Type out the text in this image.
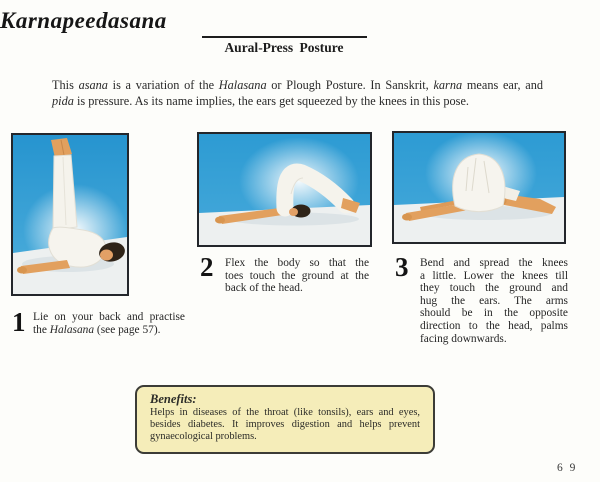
Karnapeedasana
Aural-Press Posture
This asana is a variation of the Halasana or Plough Posture. In Sanskrit, karna means ear, and
pida is pressure. As its name implies, the ears get squeezed by the knees in this pose.
1 Lie on your back and practise
the Halasana (see page 57).
2 Flex the body so that the
toes touch the ground at the
back of the head.
3 Bend and spread the knees
a little. Lower the knees till
they touch the ground and
hug the ears. The arms
should be in the opposite
direction to the head, palms
facing downwards.
Benefits:
Helps in diseases of the throat (like tonsils), ears and eyes,
besides diabetes. It improves digestion and helps prevent
gynaecological problems.
6 9
